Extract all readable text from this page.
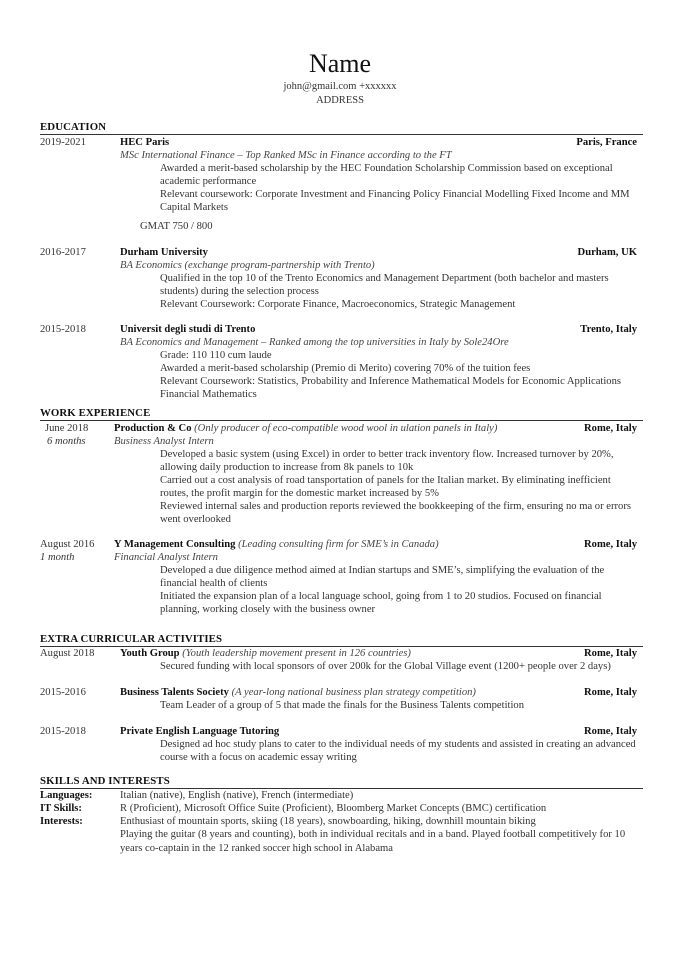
Name
john@gmail.com +xxxxxx
ADDRESS
EDUCATION
2019-2021	HEC Paris	Paris, France
MSc International Finance – Top Ranked MSc in Finance according to the FT
Awarded a merit-based scholarship by the HEC Foundation Scholarship Commission based on exceptional academic performance
Relevant coursework: Corporate Investment and Financing Policy Financial Modelling Fixed Income and MM Capital Markets
GMAT 750 / 800
2016-2017	Durham University	Durham, UK
BA Economics (exchange program-partnership with Trento)
Qualified in the top 10 of the Trento Economics and Management Department (both bachelor and masters students) during the selection process
Relevant Coursework: Corporate Finance, Macroeconomics, Strategic Management
2015-2018	Universit degli studi di Trento	Trento, Italy
BA Economics and Management – Ranked among the top universities in Italy by Sole24Ore
Grade: 110 110 cum laude
Awarded a merit-based scholarship (Premio di Merito) covering 70% of the tuition fees
Relevant Coursework: Statistics, Probability and Inference Mathematical Models for Economic Applications Financial Mathematics
WORK EXPERIENCE
June 2018 Production & Co (Only producer of eco-compatible wood wool in ulation panels in Italy)	Rome, Italy
6 months	Business Analyst Intern
Developed a basic system (using Excel) in order to better track inventory flow. Increased turnover by 20%, allowing daily production to increase from 8k panels to 10k
Carried out a cost analysis of road tansportation of panels for the Italian market. By eliminating inefficient routes, the profit margin for the domestic market increased by 5%
Reviewed internal sales and production reports reviewed the bookkeeping of the firm, ensuring no ma or errors went overlooked
August 2016 Y Management Consulting (Leading consulting firm for SME’s in Canada)	Rome, Italy
1 month	Financial Analyst Intern
Developed a due diligence method aimed at Indian startups and SME’s, simplifying the evaluation of the financial health of clients
Initiated the expansion plan of a local language school, going from 1 to 20 studios. Focused on financial planning, working closely with the business owner
EXTRA CURRICULAR ACTIVITIES
August 2018 Youth Group (Youth leadership movement present in 126 countries)	Rome, Italy
Secured funding with local sponsors of over 200k for the Global Village event (1200+ people over 2 days)
2015-2016	Business Talents Society (A year-long national business plan strategy competition)	Rome, Italy
Team Leader of a group of 5 that made the finals for the Business Talents competition
2015-2018	Private English Language Tutoring	Rome, Italy
Designed ad hoc study plans to cater to the individual needs of my students and assisted in creating an advanced course with a focus on academic essay writing
SKILLS AND INTERESTS
Languages:	Italian (native), English (native), French (intermediate)
IT Skills:	R (Proficient), Microsoft Office Suite (Proficient), Bloomberg Market Concepts (BMC) certification
Interests:	Enthusiast of mountain sports, skiing (18 years), snowboarding, hiking, downhill mountain biking
Playing the guitar (8 years and counting), both in individual recitals and in a band. Played football competitively for 10 years co-captain in the 12 ranked soccer high school in Alabama
